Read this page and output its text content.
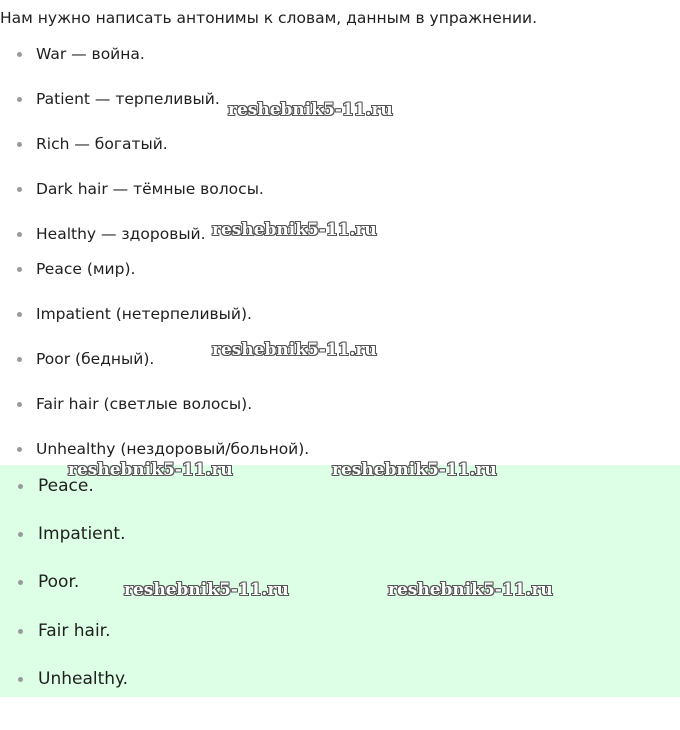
Нам нужно написать антонимы к словам, данным в упражнении.

War — война.
Patient — терпеливый.
Rich — богатый.
Dark hair — тёмные волосы.
Healthy — здоровый.
Peace (мир).
Impatient (нетерпеливый).
Poor (бедный).
Fair hair (светлые волосы).
Unhealthy (нездоровый/больной).
Peace.
Impatient.
Poor.
Fair hair.
Unhealthy.
reshebnik5-11.ru
reshebnik5-11.ru
reshebnik5-11.ru
reshebnik5-11.ru	reshebnik5-11.ru
reshebnik5-11.ru	reshebnik5-11.ru
